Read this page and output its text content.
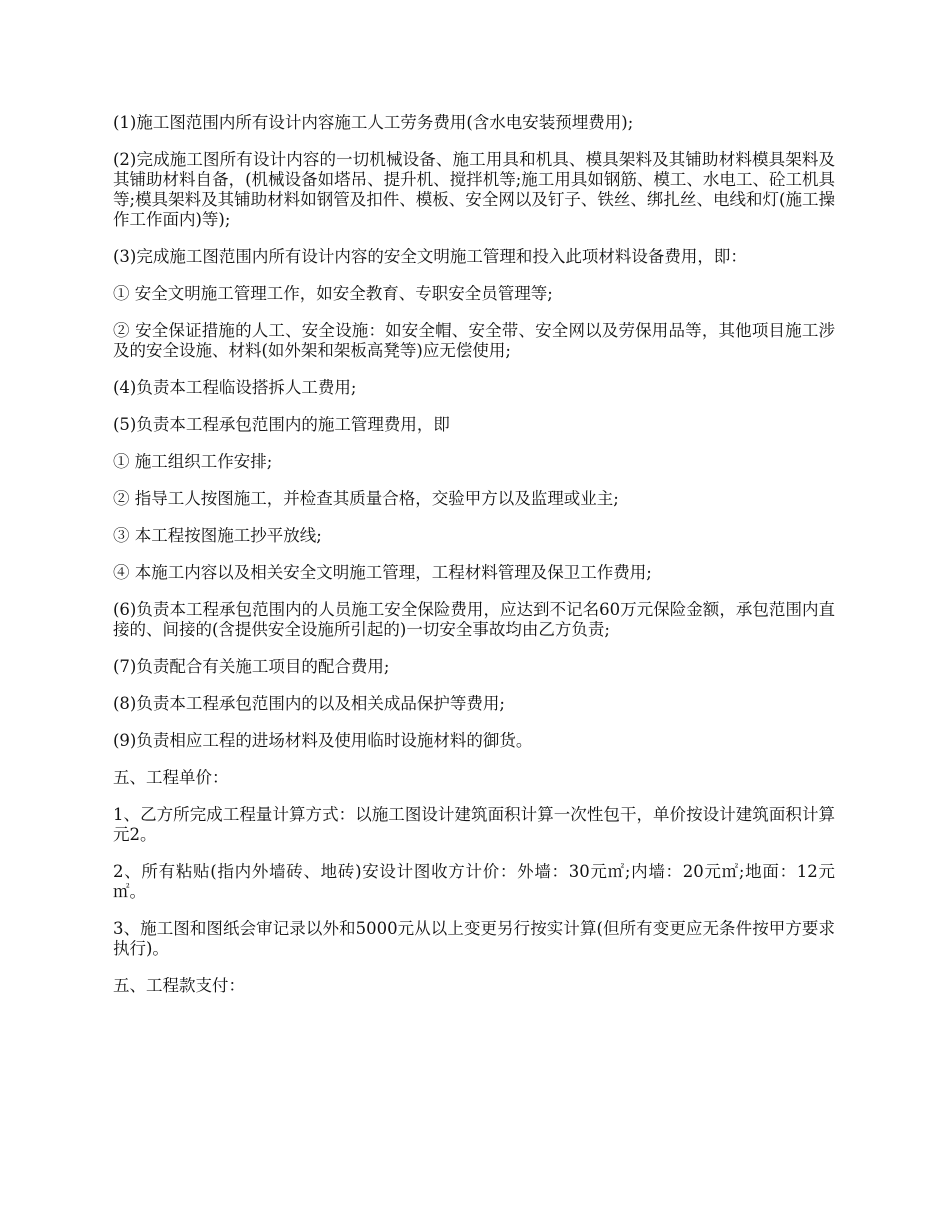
(1)施工图范围内所有设计内容施工人工劳务费用(含水电安装预埋费用);

(2)完成施工图所有设计内容的一切机械设备、施工用具和机具、模具架料及其铺助材料模具架料及其铺助材料自备，(机械设备如塔吊、提升机、搅拌机等;施工用具如钢筋、模工、水电工、砼工机具等;模具架料及其铺助材料如钢管及扣件、模板、安全网以及钉子、铁丝、绑扎丝、电线和灯(施工操作工作面内)等);

(3)完成施工图范围内所有设计内容的安全文明施工管理和投入此项材料设备费用，即：

① 安全文明施工管理工作，如安全教育、专职安全员管理等;

② 安全保证措施的人工、安全设施：如安全帽、安全带、安全网以及劳保用品等，其他项目施工涉及的安全设施、材料(如外架和架板高凳等)应无偿使用;

(4)负责本工程临设搭拆人工费用;

(5)负责本工程承包范围内的施工管理费用，即

① 施工组织工作安排;

② 指导工人按图施工，并检查其质量合格，交验甲方以及监理或业主;

③ 本工程按图施工抄平放线;

④ 本施工内容以及相关安全文明施工管理，工程材料管理及保卫工作费用;

(6)负责本工程承包范围内的人员施工安全保险费用，应达到不记名60万元保险金额，承包范围内直接的、间接的(含提供安全设施所引起的)一切安全事故均由乙方负责;

(7)负责配合有关施工项目的配合费用;

(8)负责本工程承包范围内的以及相关成品保护等费用;

(9)负责相应工程的进场材料及使用临时设施材料的御货。

五、工程单价：

1、乙方所完成工程量计算方式：以施工图设计建筑面积计算一次性包干，单价按设计建筑面积计算元2。

2、所有粘贴(指内外墙砖、地砖)安设计图收方计价：外墙：30元㎡;内墙：20元㎡;地面：12元㎡。

3、施工图和图纸会审记录以外和5000元从以上变更另行按实计算(但所有变更应无条件按甲方要求执行)。

五、工程款支付：
